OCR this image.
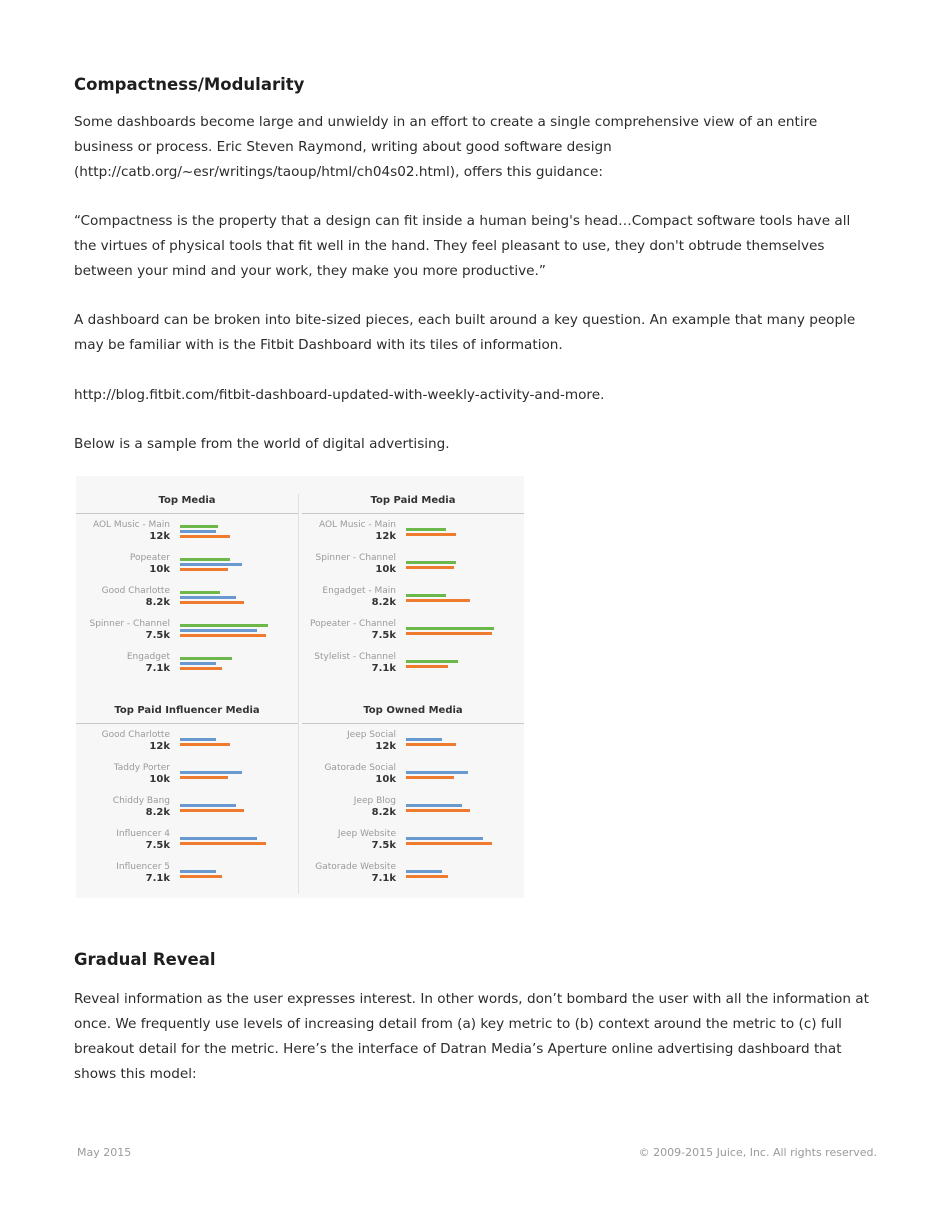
Compactness/Modularity

Some dashboards become large and unwieldy in an effort to create a single comprehensive view of an entire business or process. Eric Steven Raymond, writing about good software design (http://catb.org/~esr/writings/taoup/html/ch04s02.html), offers this guidance:

“Compactness is the property that a design can fit inside a human being's head…Compact software tools have all the virtues of physical tools that fit well in the hand. They feel pleasant to use, they don't obtrude themselves between your mind and your work, they make you more productive.”

A dashboard can be broken into bite-sized pieces, each built around a key question. An example that many people may be familiar with is the Fitbit Dashboard with its tiles of information.

http://blog.fitbit.com/fitbit-dashboard-updated-with-weekly-activity-and-more.

Below is a sample from the world of digital advertising.

Gradual Reveal

Reveal information as the user expresses interest. In other words, don’t bombard the user with all the information at once. We frequently use levels of increasing detail from (a) key metric to (b) context around the metric to (c) full breakout detail for the metric. Here’s the interface of Datran Media’s Aperture online advertising dashboard that shows this model:

Top Media
AOL Music - Main
12k
Popeater
10k
Good Charlotte
8.2k
Spinner - Channel
7.5k
Engadget
7.1k
Top Paid Media
AOL Music - Main
12k
Spinner - Channel
10k
Engadget - Main
8.2k
Popeater - Channel
7.5k
Stylelist - Channel
7.1k
Top Paid Influencer Media
Good Charlotte
12k
Taddy Porter
10k
Chiddy Bang
8.2k
Influencer 4
7.5k
Influencer 5
7.1k
Top Owned Media
Jeep Social
12k
Gatorade Social
10k
Jeep Blog
8.2k
Jeep Website
7.5k
Gatorade Website
7.1k
May 2015	© 2009-2015 Juice, Inc. All rights reserved.
